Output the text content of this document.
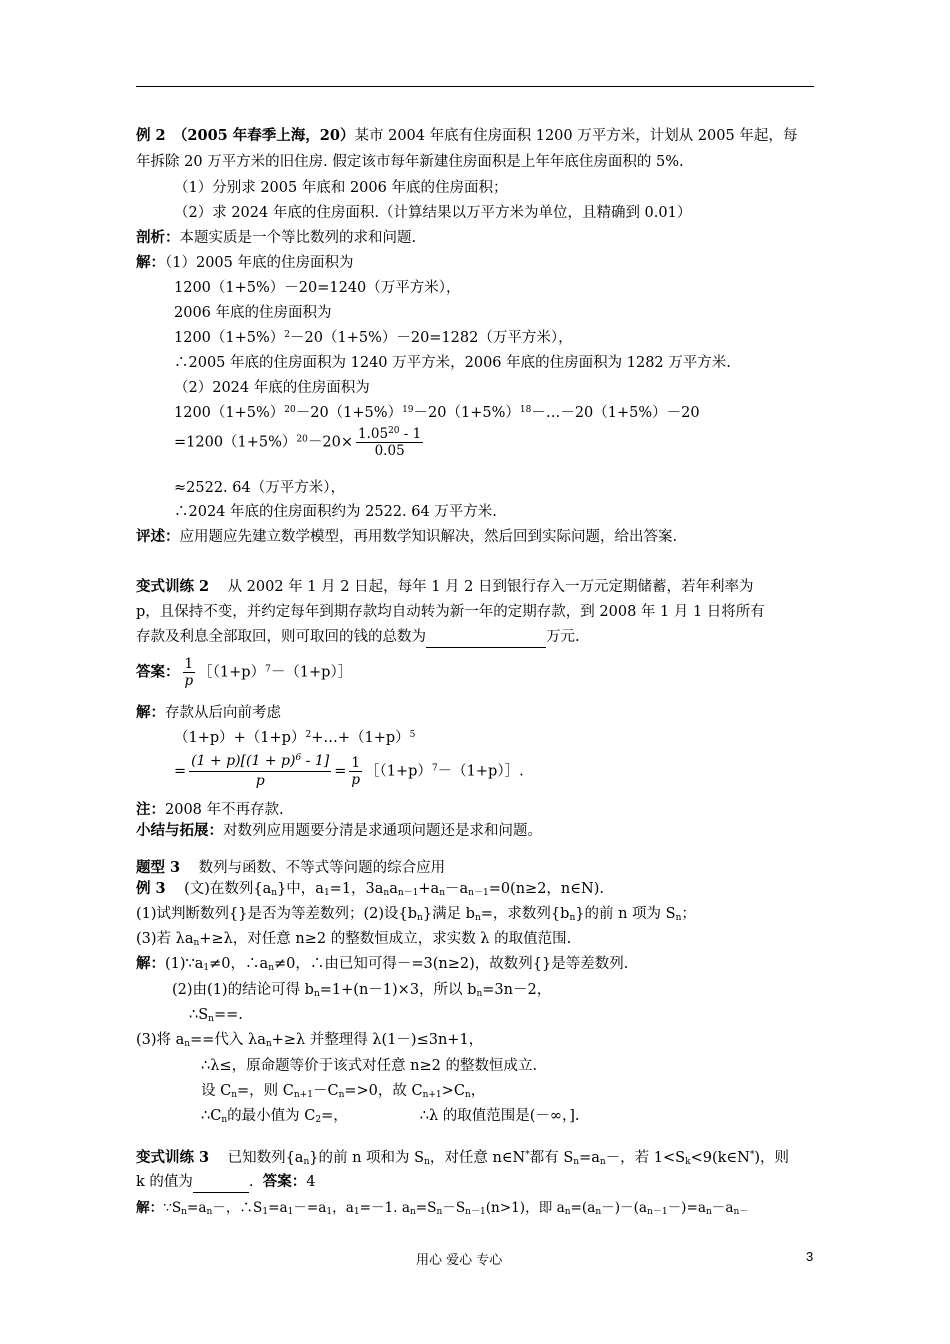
例 2　（2005 年春季上海，20）某市 2004 年底有住房面积 1200 万平方米，计划从 2005 年起，每
年拆除 20 万平方米的旧住房. 假定该市每年新建住房面积是上年年底住房面积的 5%.
（1）分别求 2005 年底和 2006 年底的住房面积；
（2）求 2024 年底的住房面积.（计算结果以万平方米为单位，且精确到 0.01）
剖析：本题实质是一个等比数列的求和问题.
解：（1）2005 年底的住房面积为
1200（1+5%）－20=1240（万平方米），
2006 年底的住房面积为
$1200(1+5\%)^2-20(1+5\%)-20=1282$（万平方米），
∴2005 年底的住房面积为 1240 万平方米，2006 年底的住房面积为 1282 万平方米.
（2）2024 年底的住房面积为
$1200(1+5\%)^{20}-20(1+5\%)^{19}-20(1+5\%)^{18}-\dots-20(1+5\%)-20$
$=1200(1+5\%)^{20}-20\times \frac{1.05^{20} - 1}{0.05}$
≈2522. 64（万平方米），
∴2024 年底的住房面积约为 2522. 64 万平方米.
评述：应用题应先建立数学模型，再用数学知识解决，然后回到实际问题，给出答案.
变式训练 2 从 2002 年 1 月 2 日起，每年 1 月 2 日到银行存入一万元定期储蓄，若年利率为
p，且保持不变，并约定每年到期存款均自动转为新一年的定期存款，到 2008 年 1 月 1 日将所有
存款及利息全部取回，则可取回的钱的总数为	万元.
答案： $\frac{1}{p}$ $[(1+p)^7-(1+p)]$
解：存款从后向前考虑
$(1+p)+(1+p)^2+\dots+(1+p)^5$
= $\frac{(1 + p)[(1 + p)^6 - 1]}{p} = \frac{1}{p}$ $[(1+p)^7-(1+p)]$.
注：2008 年不再存款.
小结与拓展：对数列应用题要分清是求通项问题还是求和问题。
题型 3 数列与函数、不等式等问题的综合应用
例 3 (文)在数列$\{a_n\}$中，$a_1=1$，$3a_na_{n-1}+a_n-a_{n-1}=0(n\ge 2$，n∈N).
(1)试判断数列{}是否为等差数列；(2)设$\{b_n\}$满足 $b_n=$，求数列$\{b_n\}$的前 n 项为 $S_n$；
(3)若 $\lambda a_n+\ge\lambda$，对任意 n≥2 的整数恒成立，求实数 λ 的取值范围.
解：$(1)\because a_1\ne 0$，$\therefore a_n\ne 0$，∴由已知可得－=3(n≥2)，故数列{}是等差数列.
(2)由(1)的结论可得 $b_n=1+(n-1)\times 3$，所以 $b_n=3n-2$，
$\therefore S_n==$.
(3)将 $a_n==$代入 $\lambda a_n+\ge\lambda$ 并整理得 λ(1－)≤3n+1，
∴λ≤，原命题等价于该式对任意 n≥2 的整数恒成立.
设 $C_n=$，则 $C_{n+1}-C_n=>0$，故 $C_{n+1}>C_n$，
$\therefore C_n$的最小值为 $C_2=$，	∴λ 的取值范围是(－∞，].
变式训练 3 已知数列$\{a_n\}$的前 n 项和为 $S_n$，对任意 n∈N*都有 $S_n=a_n-$，若 $1<S_k<9(k\in N^*)$，则
k 的值为	.  答案：4
解：$\because S_n=a_n-$，$\therefore S_1=a_1-=a_1$，$a_1=-1$. $a_n=S_n-S_{n-1}(n>1)$，即 $a_n=(a_n-)-(a_{n-1}-)=a_n-a_{n-}$
用心 爱心 专心	3
